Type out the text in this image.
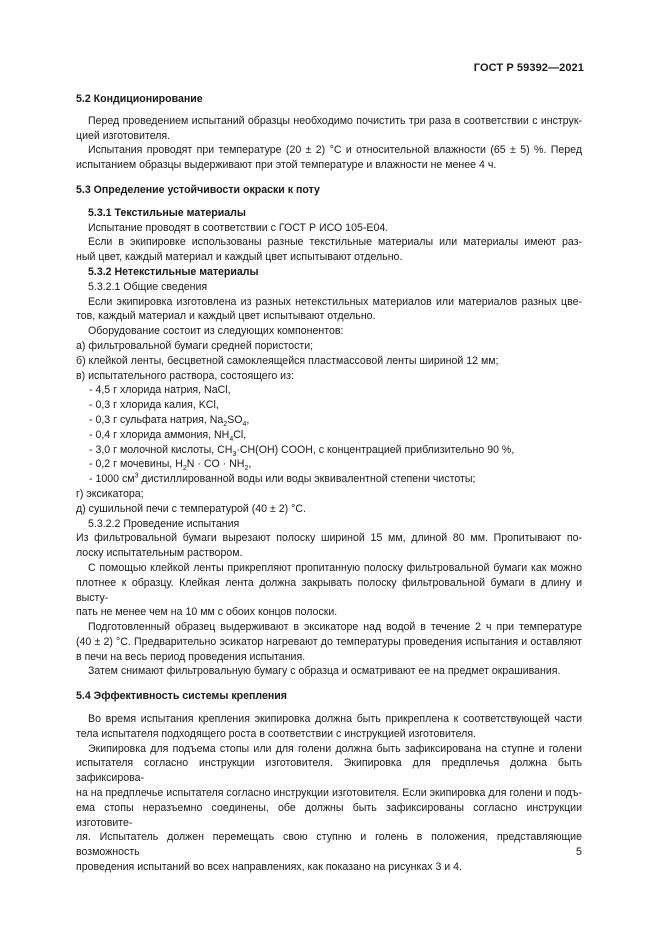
ГОСТ Р 59392—2021

5.2 Кондиционирование

Перед проведением испытаний образцы необходимо почистить три раза в соответствии с инструк-

цией изготовителя.

Испытания проводят при температуре (20 ± 2) °С и относительной влажности (65 ± 5) %. Перед

испытанием образцы выдерживают при этой температуре и влажности не менее 4 ч.

5.3 Определение устойчивости окраски к поту

5.3.1 Текстильные материалы

Испытание проводят в соответствии с ГОСТ Р ИСО 105-Е04.

Если в экипировке использованы разные текстильные материалы или материалы имеют раз-

ный цвет, каждый материал и каждый цвет испытывают отдельно.

5.3.2 Нетекстильные материалы

5.3.2.1 Общие сведения

Если экипировка изготовлена из разных нетекстильных материалов или материалов разных цве-

тов, каждый материал и каждый цвет испытывают отдельно.

Оборудование состоит из следующих компонентов:

а) фильтровальной бумаги средней пористости;

б) клейкой ленты, бесцветной самоклеящейся пластмассовой ленты шириной 12 мм;

в) испытательного раствора, состоящего из:

- 4,5 г хлорида натрия, NaCl,

- 0,3 г хлорида калия, KCl,

- 0,3 г сульфата натрия, $Na_2SO_4$,

- 0,4 г хлорида аммония, $NH_4Cl$,

- 3,0 г молочной кислоты, $CH_3\cdot CH(OH)$ COOH, с концентрацией приблизительно 90 %,

- 0,2 г мочевины, $H_2N$ · CO · $NH_2$,

- 1000 $см^3$ дистиллированной воды или воды эквивалентной степени чистоты;

г) эксикатора;

д) сушильной печи с температурой (40 ± 2) °С.

5.3.2.2 Проведение испытания

Из фильтровальной бумаги вырезают полоску шириной 15 мм, длиной 80 мм. Пропитывают по-

лоску испытательным раствором.

С помощью клейкой ленты прикрепляют пропитанную полоску фильтровальной бумаги как можно

плотнее к образцу. Клейкая лента должна закрывать полоску фильтровальной бумаги в длину и высту-

пать не менее чем на 10 мм с обоих концов полоски.

Подготовленный образец выдерживают в эксикаторе над водой в течение 2 ч при температуре

(40 ± 2) °С. Предварительно эсикатор нагревают до температуры проведения испытания и оставляют

в печи на весь период проведения испытания.

Затем снимают фильтровальную бумагу с образца и осматривают ее на предмет окрашивания.

5.4 Эффективность системы крепления

Во время испытания крепления экипировка должна быть прикреплена к соответствующей части

тела испытателя подходящего роста в соответствии с инструкцией изготовителя.

Экипировка для подъема стопы или для голени должна быть зафиксирована на ступне и голени

испытателя согласно инструкции изготовителя. Экипировка для предплечья должна быть зафиксирова-

на на предплечье испытателя согласно инструкции изготовителя. Если экипировка для голени и подъ-

ема стопы неразъемно соединены, обе должны быть зафиксированы согласно инструкции изготовите-

ля. Испытатель должен перемещать свою ступню и голень в положения, представляющие возможность

проведения испытаний во всех направлениях, как показано на рисунках 3 и 4.

5
